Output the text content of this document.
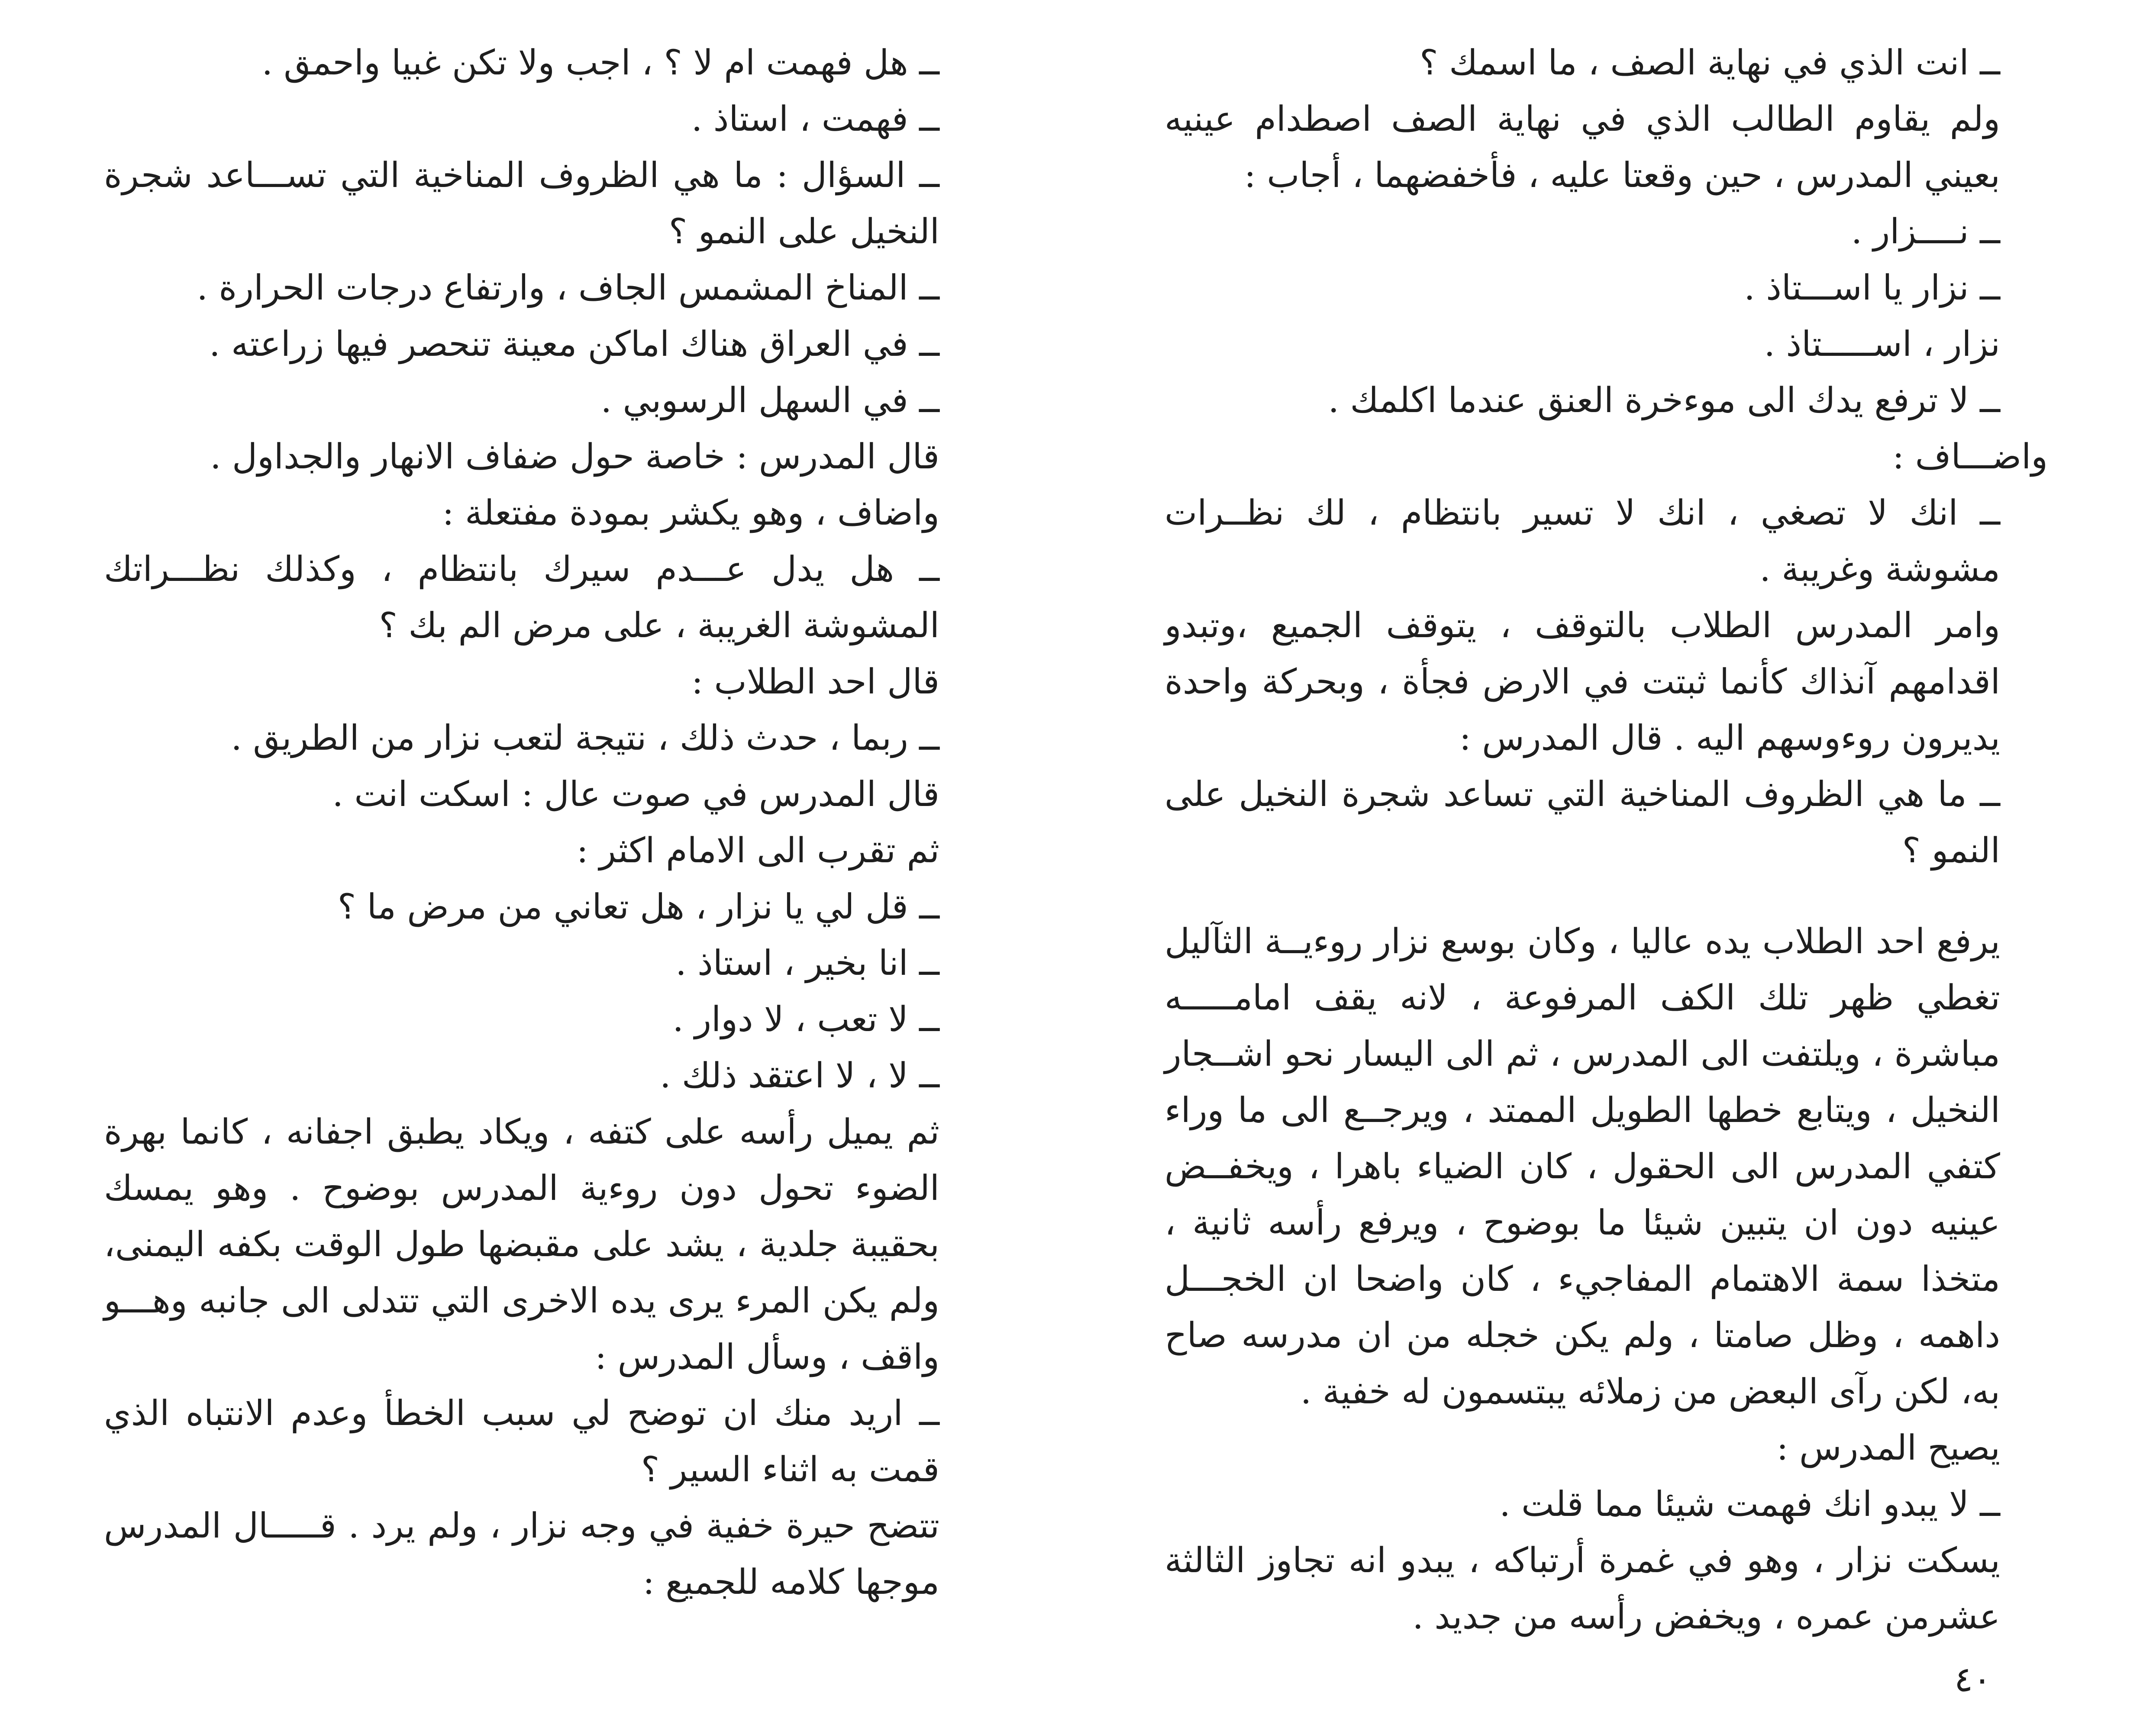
ــ انت الذي في نهاية الصف ، ما اسمك ؟

ولم يقاوم الطالب الذي في نهاية الصف اصطدام عينيه بعيني المدرس ، حين وقعتا عليه ، فأخفضهما ، أجاب :

ــ نــــزار .

ــ نزار يا اســـتاذ .

نزار ، اســـــتاذ .

ــ لا ترفع يدك الى موءخرة العنق عندما اكلمك .

واضـــاف :

ــ انك لا تصغي ، انك لا تسير بانتظام ، لك نظــرات مشوشة وغريبة .

وامر المدرس الطلاب بالتوقف ، يتوقف الجميع ،وتبدو اقدامهم آنذاك كأنما ثبتت في الارض فجأة ، وبحركة واحدة يديرون روءوسهم اليه . قال المدرس :

ــ ما هي الظروف المناخية التي تساعد شجرة النخيل على النمو ؟

يرفع احد الطلاب يده عاليا ، وكان بوسع نزار روءيــة الثآليل تغطي ظهر تلك الكف المرفوعة ، لانه يقف امامـــــه مباشرة ، ويلتفت الى المدرس ، ثم الى اليسار نحو اشــجار النخيل ، ويتابع خطها الطويل الممتد ، ويرجــع الى ما وراء كتفي المدرس الى الحقول ، كان الضياء باهرا ، ويخفــض عينيه دون ان يتبين شيئا ما بوضوح ، ويرفع رأسه ثانية ، متخذا سمة الاهتمام المفاجيء ، كان واضحا ان الخجـــل داهمه ، وظل صامتا ، ولم يكن خجله من ان مدرسه صاح به، لكن رآى البعض من زملائه يبتسمون له خفية .

يصيح المدرس :

ــ لا يبدو انك فهمت شيئا مما قلت .

يسكت نزار ، وهو في غمرة أرتباكه ، يبدو انه تجاوز الثالثة عشرمن عمره ، ويخفض رأسه من جديد .

٤٠

ــ هل فهمت ام لا ؟ ، اجب ولا تكن غبيا واحمق .

ــ فهمت ، استاذ .

ــ السؤال : ما هي الظروف المناخية التي تســـاعد شجرة النخيل على النمو ؟

ــ المناخ المشمس الجاف ، وارتفاع درجات الحرارة .

ــ في العراق هناك اماكن معينة تنحصر فيها زراعته .

ــ في السهل الرسوبي .

قال المدرس : خاصة حول ضفاف الانهار والجداول .

واضاف ، وهو يكشر بمودة مفتعلة :

ــ هل يدل عـــدم سيرك بانتظام ، وكذلك نظـــراتك المشوشة الغريبة ، على مرض الم بك ؟

قال احد الطلاب :

ــ ربما ، حدث ذلك ، نتيجة لتعب نزار من الطريق .

قال المدرس في صوت عال : اسكت انت .

ثم تقرب الى الامام اكثر :

ــ قل لي يا نزار ، هل تعاني من مرض ما ؟

ــ انا بخير ، استاذ .

ــ لا تعب ، لا دوار .

ــ لا ، لا اعتقد ذلك .

ثم يميل رأسه على كتفه ، ويكاد يطبق اجفانه ، كانما بهرة الضوء تحول دون روءية المدرس بوضوح . وهو يمسك بحقيبة جلدية ، يشد على مقبضها طول الوقت بكفه اليمنى، ولم يكن المرء يرى يده الاخرى التي تتدلى الى جانبه وهـــو واقف ، وسأل المدرس :

ــ اريد منك ان توضح لي سبب الخطأ وعدم الانتباه الذي قمت به اثناء السير ؟

تتضح حيرة خفية في وجه نزار ، ولم يرد . قـــــال المدرس موجها كلامه للجميع :
